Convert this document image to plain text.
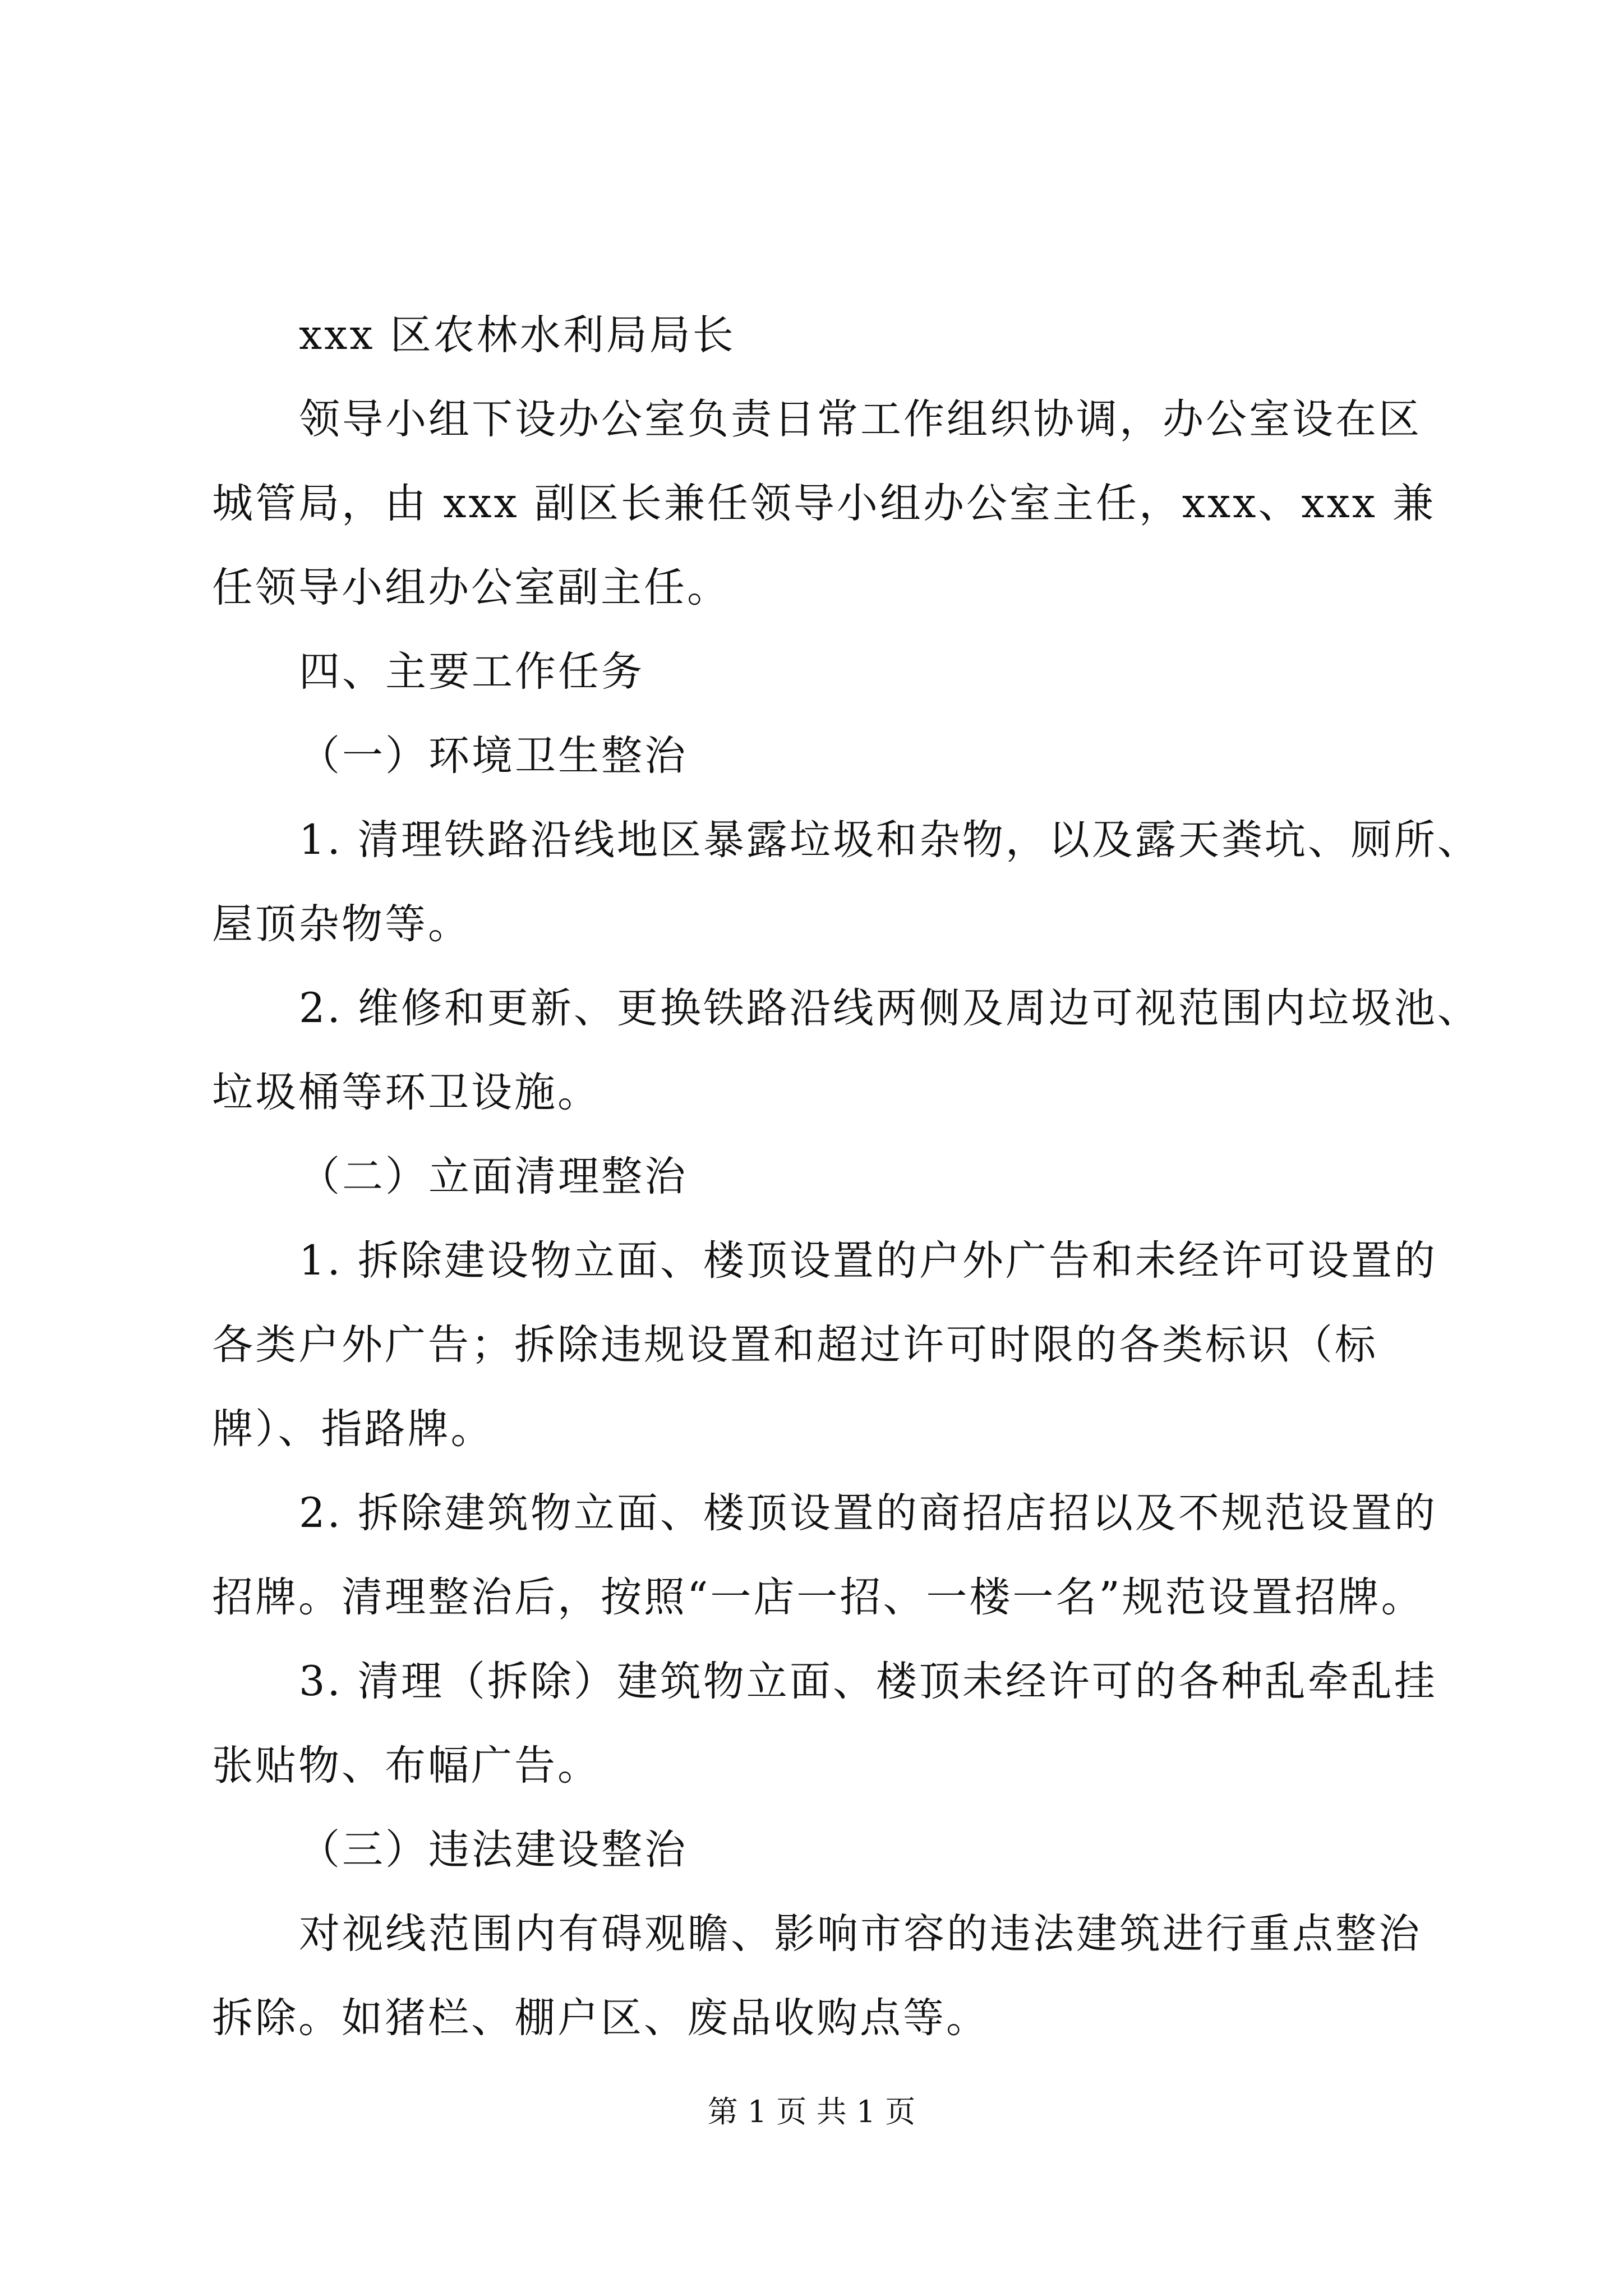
xxx 区农林水利局局长
领导小组下设办公室负责日常工作组织协调，办公室设在区
城管局，由 xxx 副区长兼任领导小组办公室主任，xxx、xxx 兼
任领导小组办公室副主任。
四、主要工作任务
（一）环境卫生整治
1. 清理铁路沿线地区暴露垃圾和杂物，以及露天粪坑、厕所、
屋顶杂物等。
2. 维修和更新、更换铁路沿线两侧及周边可视范围内垃圾池、
垃圾桶等环卫设施。
（二）立面清理整治
1. 拆除建设物立面、楼顶设置的户外广告和未经许可设置的
各类户外广告；拆除违规设置和超过许可时限的各类标识（标
牌）、指路牌。
2. 拆除建筑物立面、楼顶设置的商招店招以及不规范设置的
招牌。清理整治后，按照“一店一招、一楼一名”规范设置招牌。
3. 清理（拆除）建筑物立面、楼顶未经许可的各种乱牵乱挂
张贴物、布幅广告。
（三）违法建设整治
对视线范围内有碍观瞻、影响市容的违法建筑进行重点整治
拆除。如猪栏、棚户区、废品收购点等。
第 1 页 共 1 页
